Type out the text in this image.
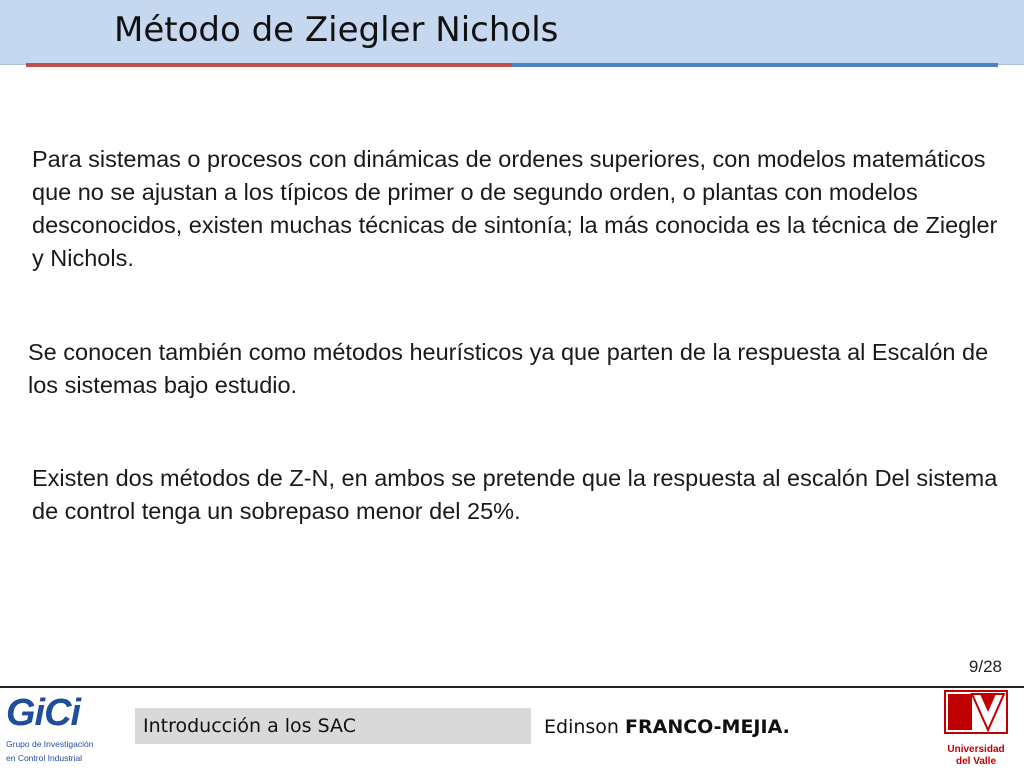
Método de Ziegler Nichols

Para sistemas o procesos con dinámicas de ordenes superiores, con modelos matemáticos que no se ajustan a los típicos de primer o de segundo orden, o plantas con modelos desconocidos, existen muchas técnicas de sintonía; la más conocida es la técnica de Ziegler y Nichols.

Se conocen también como métodos heurísticos ya que parten de la respuesta al Escalón de los sistemas bajo estudio.

Existen dos métodos de Z-N, en ambos se pretende que la respuesta al escalón Del sistema de control tenga un sobrepaso menor del 25%.

9/28
GiCi
Grupo de Investigación
en Control Industrial
Introducción a los SAC	Edinson FRANCO-MEJIA.
Universidad
del Valle
